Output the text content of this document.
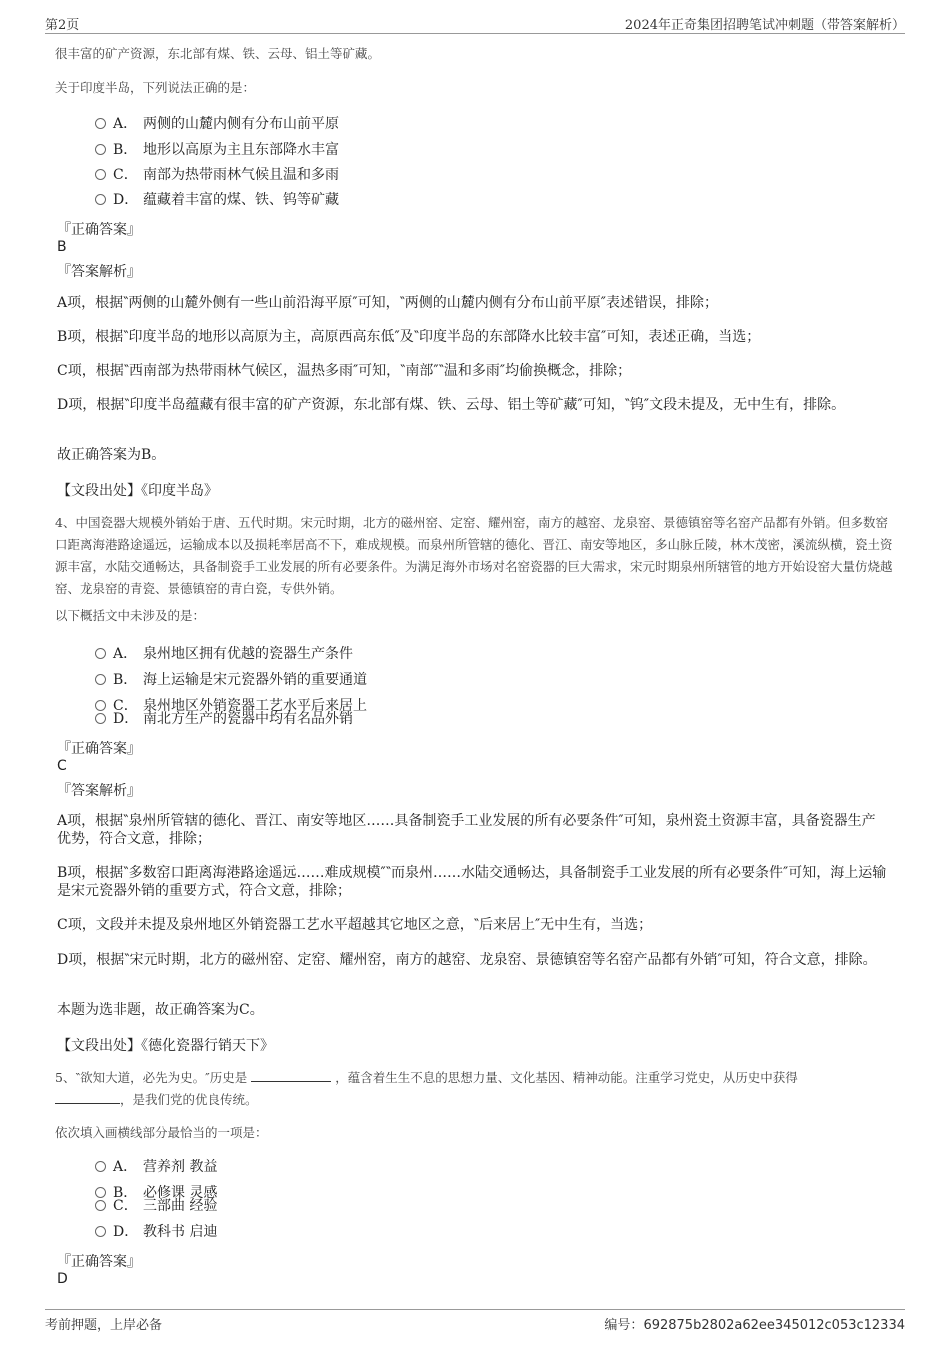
第2页	2024年正奇集团招聘笔试冲刺题（带答案解析）
很丰富的矿产资源，东北部有煤、铁、云母、铝土等矿藏。
关于印度半岛，下列说法正确的是：
A． 两侧的山麓内侧有分布山前平原
B． 地形以高原为主且东部降水丰富
C． 南部为热带雨林气候且温和多雨
D． 蕴藏着丰富的煤、铁、钨等矿藏
『正确答案』
B
『答案解析』
A项，根据‶两侧的山麓外侧有一些山前沿海平原″可知，‶两侧的山麓内侧有分布山前平原″表述错误，排除；
B项，根据‶印度半岛的地形以高原为主，高原西高东低″及‶印度半岛的东部降水比较丰富″可知，表述正确，当选；
C项，根据‶西南部为热带雨林气候区，温热多雨″可知，‶南部″‶温和多雨″均偷换概念，排除；
D项，根据‶印度半岛蕴藏有很丰富的矿产资源，东北部有煤、铁、云母、铝土等矿藏″可知，‶钨″文段未提及，无中生有，排除。
故正确答案为B。
【文段出处】《印度半岛》
4、中国瓷器大规模外销始于唐、五代时期。宋元时期，北方的磁州窑、定窑、耀州窑，南方的越窑、龙泉窑、景德镇窑等名窑产品都有外销。但多数窑口距离海港路途遥远，运输成本以及损耗率居高不下，难成规模。而泉州所管辖的德化、晋江、南安等地区，多山脉丘陵，林木茂密，溪流纵横，瓷土资源丰富，水陆交通畅达，具备制瓷手工业发展的所有必要条件。为满足海外市场对名窑瓷器的巨大需求，宋元时期泉州所辖管的地方开始设窑大量仿烧越窑、龙泉窑的青瓷、景德镇窑的青白瓷，专供外销。
以下概括文中未涉及的是：
A． 泉州地区拥有优越的瓷器生产条件
B． 海上运输是宋元瓷器外销的重要通道
C． 泉州地区外销瓷器工艺水平后来居上
D． 南北方生产的瓷器中均有名品外销
『正确答案』
C
『答案解析』
A项，根据‶泉州所管辖的德化、晋江、南安等地区……具备制瓷手工业发展的所有必要条件″可知，泉州瓷土资源丰富，具备瓷器生产优势，符合文意，排除；
B项，根据‶多数窑口距离海港路途遥远……难成规模″‶而泉州……水陆交通畅达，具备制瓷手工业发展的所有必要条件″可知，海上运输是宋元瓷器外销的重要方式，符合文意，排除；
C项，文段并未提及泉州地区外销瓷器工艺水平超越其它地区之意，‶后来居上″无中生有，当选；
D项，根据‶宋元时期，北方的磁州窑、定窑、耀州窑，南方的越窑、龙泉窑、景德镇窑等名窑产品都有外销″可知，符合文意，排除。
本题为选非题，故正确答案为C。
【文段出处】《德化瓷器行销天下》
5、‶欲知大道，必先为史。″历史是	，蕴含着生生不息的思想力量、文化基因、精神动能。注重学习党史，从历史中获得
，是我们党的优良传统。
依次填入画横线部分最恰当的一项是：
A． 营养剂 教益
B． 必修课 灵感
C． 三部曲 经验
D． 教科书 启迪
『正确答案』
D
考前押题，上岸必备	编号：692875b2802a62ee345012c053c12334
